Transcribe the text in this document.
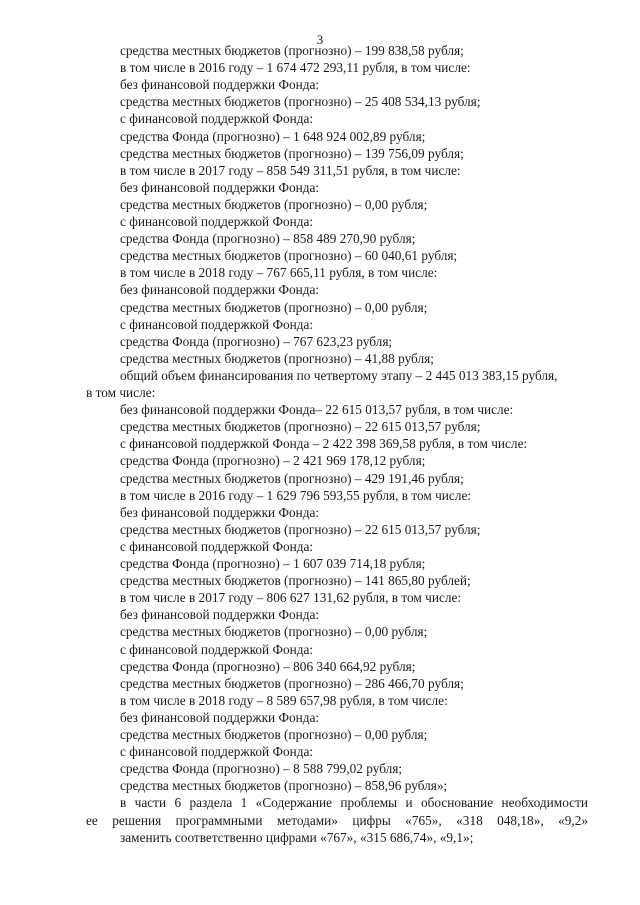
3
средства местных бюджетов (прогнозно) – 199 838,58 рубля;
в том числе в 2016 году – 1 674 472 293,11 рубля, в том числе:
без финансовой поддержки Фонда:
средства местных бюджетов (прогнозно) – 25 408 534,13 рубля;
с финансовой поддержкой Фонда:
средства Фонда (прогнозно) – 1 648 924 002,89 рубля;
средства местных бюджетов (прогнозно) – 139 756,09 рубля;
в том числе в 2017 году – 858 549 311,51 рубля, в том числе:
без финансовой поддержки Фонда:
средства местных бюджетов (прогнозно) – 0,00 рубля;
с финансовой поддержкой Фонда:
средства Фонда (прогнозно) – 858 489 270,90 рубля;
средства местных бюджетов (прогнозно) – 60 040,61 рубля;
в том числе в 2018 году – 767 665,11 рубля, в том числе:
без финансовой поддержки Фонда:
средства местных бюджетов (прогнозно) – 0,00 рубля;
с финансовой поддержкой Фонда:
средства Фонда (прогнозно) – 767 623,23 рубля;
средства местных бюджетов (прогнозно) – 41,88 рубля;
общий объем финансирования по четвертому этапу – 2 445 013 383,15 рубля,
в том числе:
без финансовой поддержки Фонда– 22 615 013,57 рубля, в том числе:
средства местных бюджетов (прогнозно) – 22 615 013,57 рубля;
с финансовой поддержкой Фонда – 2 422 398 369,58 рубля, в том числе:
средства Фонда (прогнозно) – 2 421 969 178,12 рубля;
средства местных бюджетов (прогнозно) – 429 191,46 рубля;
в том числе в 2016 году – 1 629 796 593,55 рубля, в том числе:
без финансовой поддержки Фонда:
средства местных бюджетов (прогнозно) – 22 615 013,57 рубля;
с финансовой поддержкой Фонда:
средства Фонда (прогнозно) – 1 607 039 714,18 рубля;
средства местных бюджетов (прогнозно) – 141 865,80 рублей;
в том числе в 2017 году – 806 627 131,62 рубля, в том числе:
без финансовой поддержки Фонда:
средства местных бюджетов (прогнозно) – 0,00 рубля;
с финансовой поддержкой Фонда:
средства Фонда (прогнозно) – 806 340 664,92 рубля;
средства местных бюджетов (прогнозно) – 286 466,70 рубля;
в том числе в 2018 году – 8 589 657,98 рубля, в том числе:
без финансовой поддержки Фонда:
средства местных бюджетов (прогнозно) – 0,00 рубля;
с финансовой поддержкой Фонда:
средства Фонда (прогнозно) – 8 588 799,02 рубля;
средства местных бюджетов (прогнозно) – 858,96 рубля»;
в части 6 раздела 1 «Содержание проблемы и обоснование необходимости
ее решения программными методами» цифры «765», «318 048,18», «9,2»
заменить соответственно цифрами «767», «315 686,74», «9,1»;
